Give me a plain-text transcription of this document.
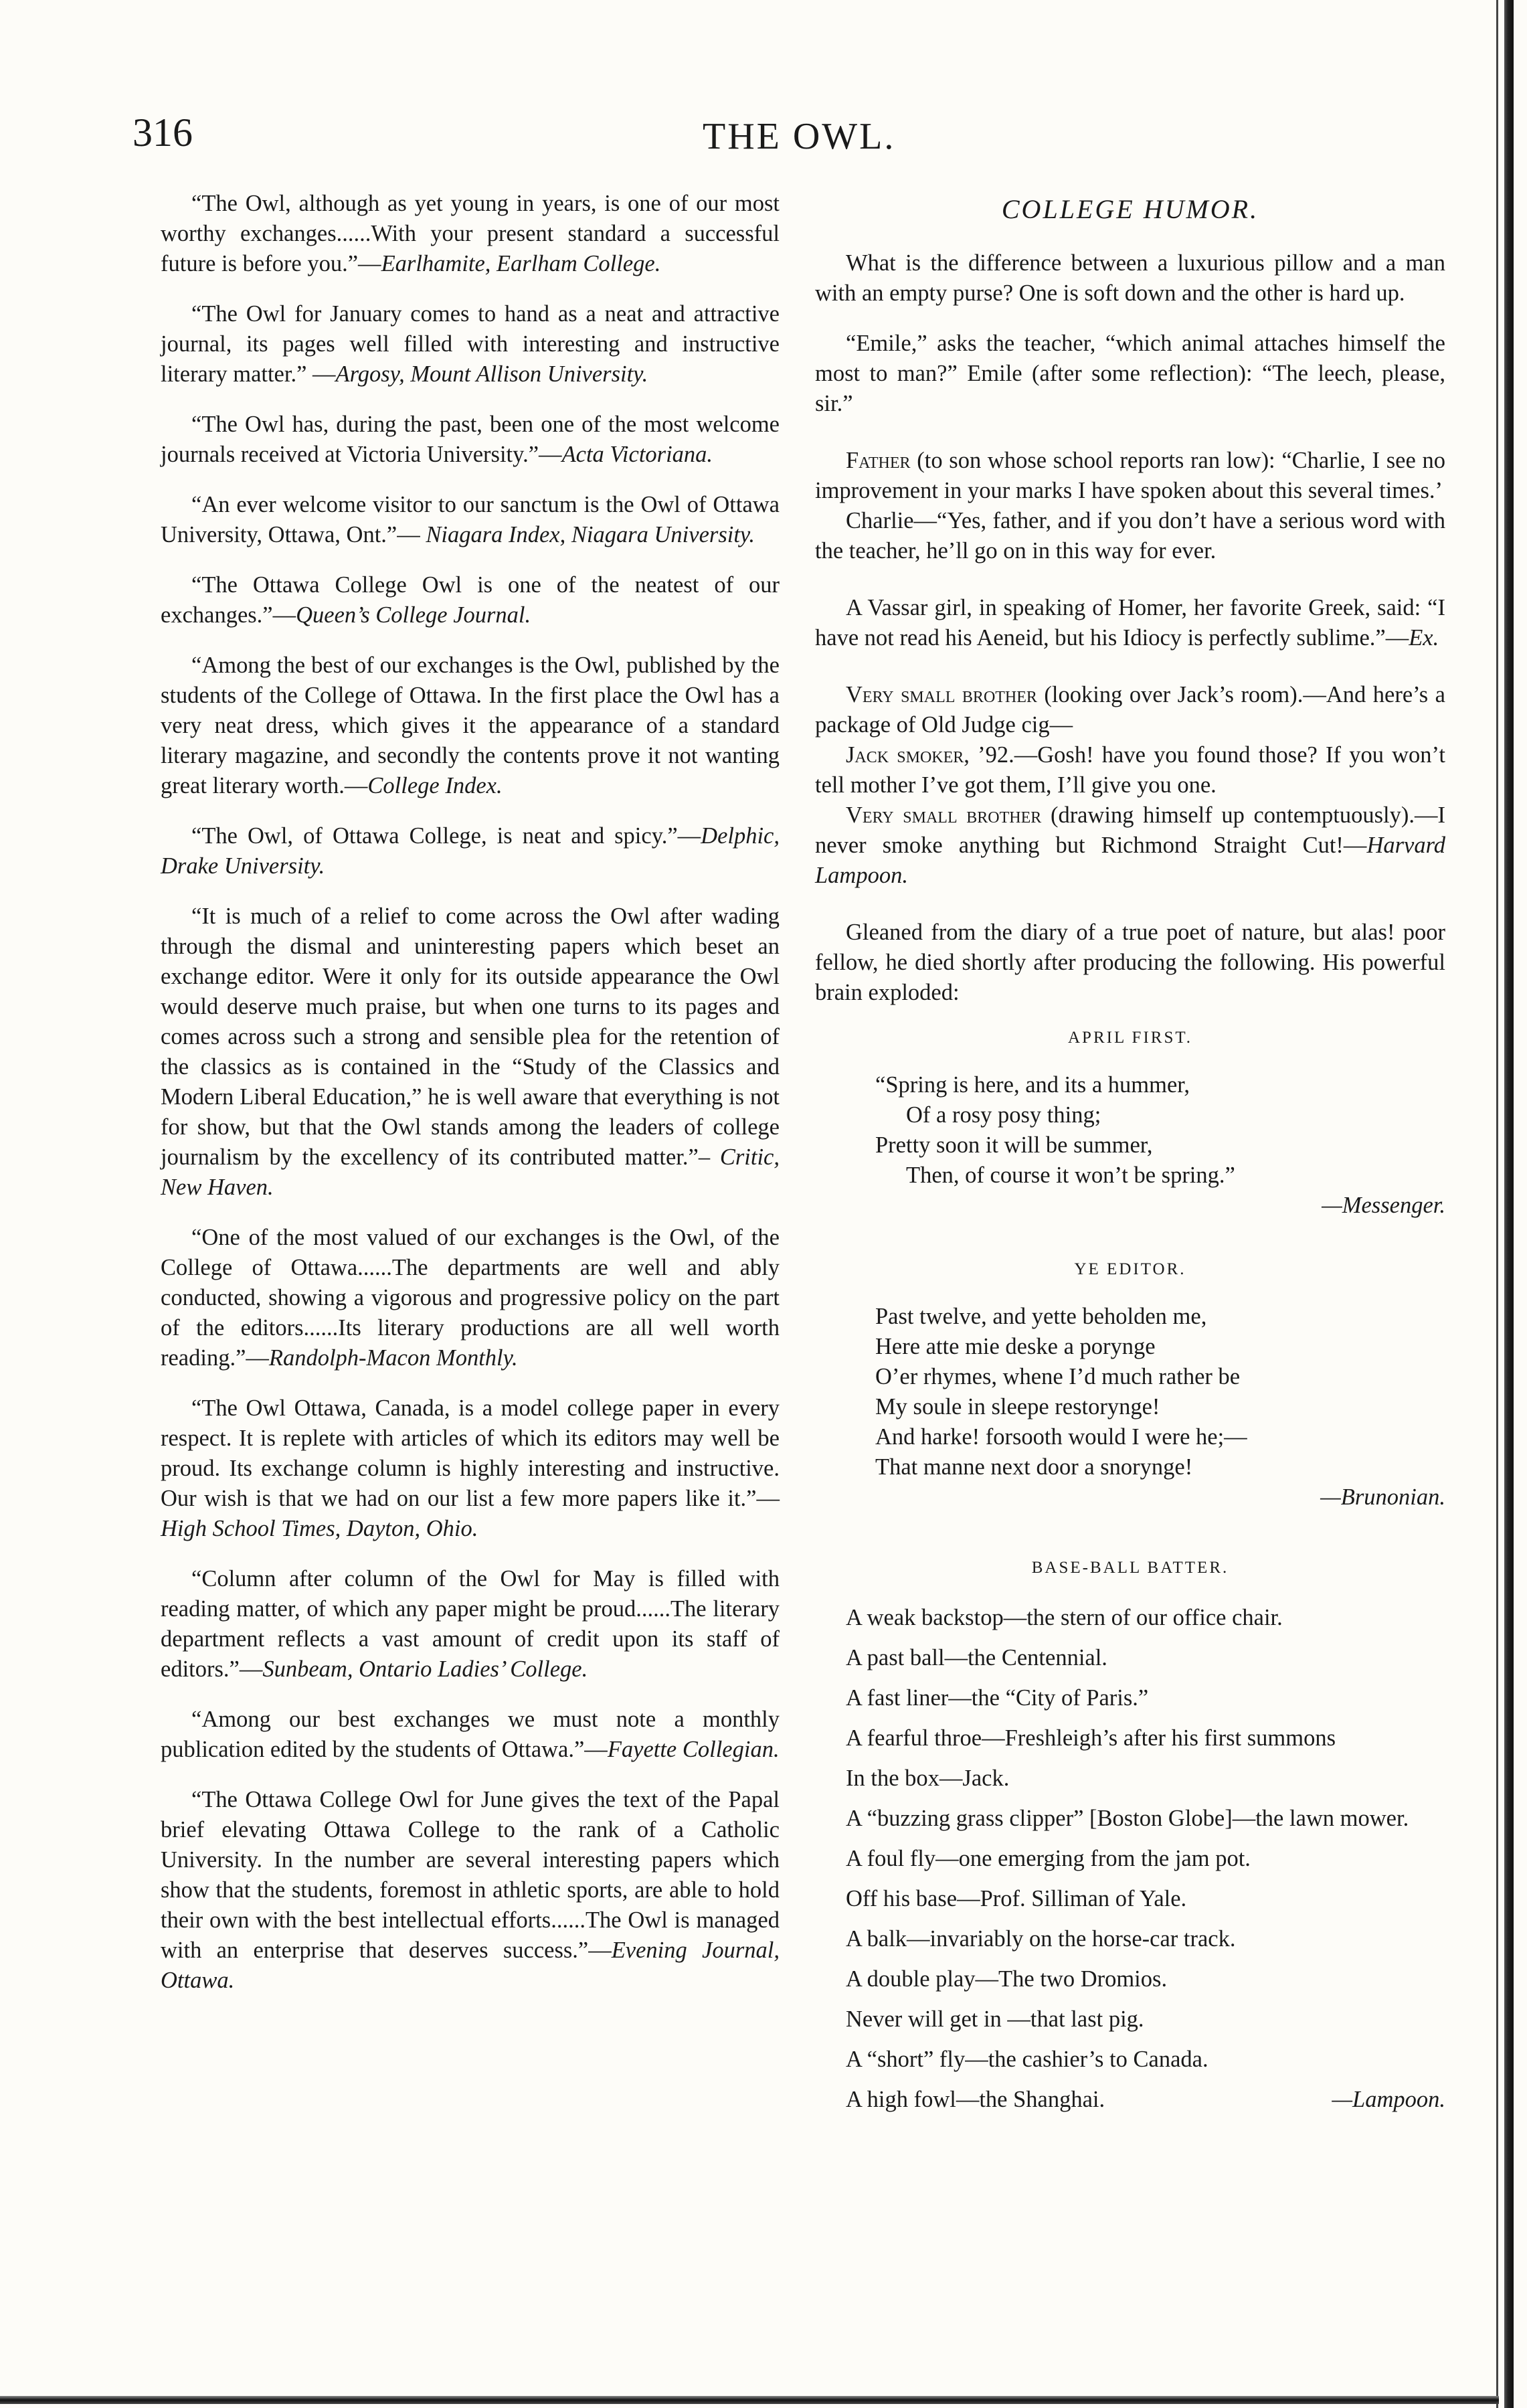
316	THE OWL.

“The Owl, although as yet young in years, is one of our most worthy exchanges......With your present standard a successful future is before you.”—Earlhamite, Earlham College.

“The Owl for January comes to hand as a neat and attractive journal, its pages well filled with interesting and instructive literary matter.” —Argosy, Mount Allison University.

“The Owl has, during the past, been one of the most welcome journals received at Victoria University.”—Acta Victoriana.

“An ever welcome visitor to our sanctum is the Owl of Ottawa University, Ottawa, Ont.”— Niagara Index, Niagara University.

“The Ottawa College Owl is one of the neatest of our exchanges.”—Queen’s College Journal.

“Among the best of our exchanges is the Owl, published by the students of the College of Ottawa. In the first place the Owl has a very neat dress, which gives it the appearance of a standard literary magazine, and secondly the contents prove it not wanting great literary worth.—College Index.

“The Owl, of Ottawa College, is neat and spicy.”—Delphic, Drake University.

“It is much of a relief to come across the Owl after wading through the dismal and uninteresting papers which beset an exchange editor. Were it only for its outside appearance the Owl would deserve much praise, but when one turns to its pages and comes across such a strong and sensible plea for the retention of the classics as is contained in the “Study of the Classics and Modern Liberal Education,” he is well aware that everything is not for show, but that the Owl stands among the leaders of college journalism by the excellency of its contributed matter.”– Critic, New Haven.

“One of the most valued of our exchanges is the Owl, of the College of Ottawa......The departments are well and ably conducted, showing a vigorous and progressive policy on the part of the editors......Its literary productions are all well worth reading.”—Randolph-Macon Monthly.

“The Owl Ottawa, Canada, is a model college paper in every respect. It is replete with articles of which its editors may well be proud. Its exchange column is highly interesting and instructive. Our wish is that we had on our list a few more papers like it.”—High School Times, Dayton, Ohio.

“Column after column of the Owl for May is filled with reading matter, of which any paper might be proud......The literary department reflects a vast amount of credit upon its staff of editors.”—Sunbeam, Ontario Ladies’ College.

“Among our best exchanges we must note a monthly publication edited by the students of Ottawa.”—Fayette Collegian.

“The Ottawa College Owl for June gives the text of the Papal brief elevating Ottawa College to the rank of a Catholic University. In the number are several interesting papers which show that the students, foremost in athletic sports, are able to hold their own with the best intellectual efforts......The Owl is managed with an enterprise that deserves success.”—Evening Journal, Ottawa.

COLLEGE HUMOR.

What is the difference between a luxurious pillow and a man with an empty purse? One is soft down and the other is hard up.

“Emile,” asks the teacher, “which animal attaches himself the most to man?” Emile (after some reflection): “The leech, please, sir.”

Father (to son whose school reports ran low): “Charlie, I see no improvement in your marks I have spoken about this several times.’

Charlie—“Yes, father, and if you don’t have a serious word with the teacher, he’ll go on in this way for ever.

A Vassar girl, in speaking of Homer, her favorite Greek, said: “I have not read his Aeneid, but his Idiocy is perfectly sublime.”—Ex.

Very small brother (looking over Jack’s room).—And here’s a package of Old Judge cig—

Jack smoker, ’92.—Gosh! have you found those? If you won’t tell mother I’ve got them, I’ll give you one.

Very small brother (drawing himself up contemptuously).—I never smoke anything but Richmond Straight Cut!—Harvard Lampoon.

Gleaned from the diary of a true poet of nature, but alas! poor fellow, he died shortly after producing the following. His powerful brain exploded:

APRIL FIRST.
“Spring is here, and its a hummer,
Of a rosy posy thing;
Pretty soon it will be summer,
Then, of course it won’t be spring.”
—Messenger.
YE EDITOR.
Past twelve, and yette beholden me,
Here atte mie deske a porynge
O’er rhymes, whene I’d much rather be
My soule in sleepe restorynge!
And harke! forsooth would I were he;—
That manne next door a snorynge!
—Brunonian.
BASE-BALL BATTER.
A weak backstop—the stern of our office chair.
A past ball—the Centennial.
A fast liner—the “City of Paris.”
A fearful throe—Freshleigh’s after his first summons
In the box—Jack.
A “buzzing grass clipper” [Boston Globe]—the lawn mower.
A foul fly—one emerging from the jam pot.
Off his base—Prof. Silliman of Yale.
A balk—invariably on the horse-car track.
A double play—The two Dromios.
Never will get in —that last pig.
A “short” fly—the cashier’s to Canada.
A high fowl—the Shanghai.	—Lampoon.
